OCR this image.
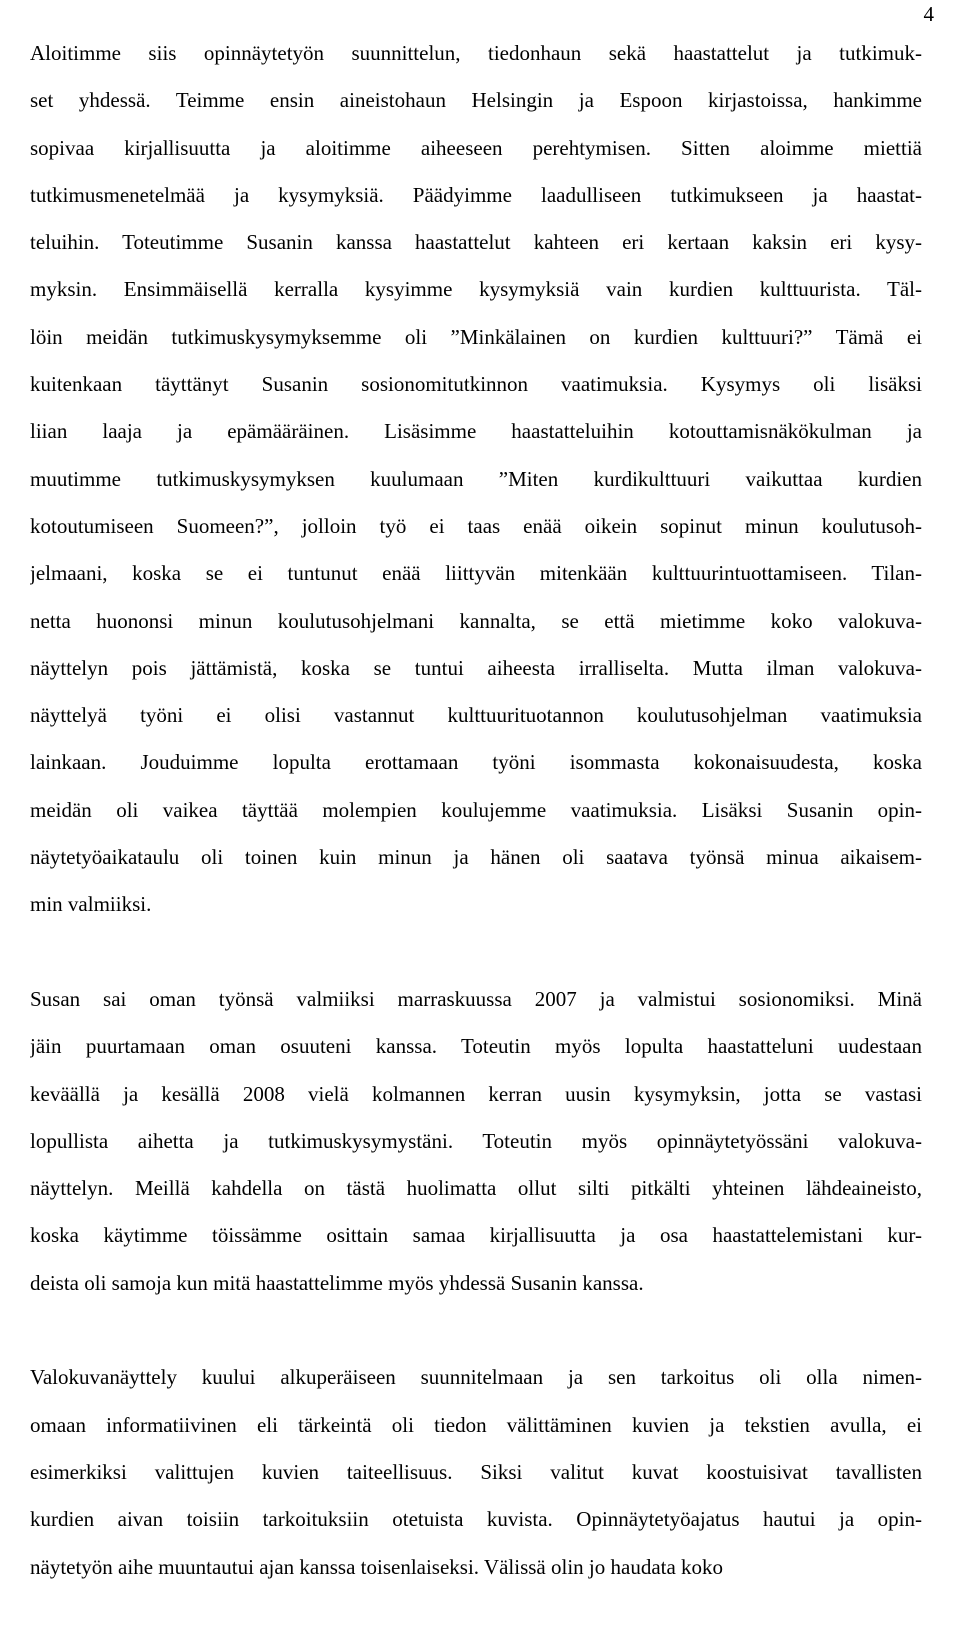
4
Aloitimme siis opinnäytetyön suunnittelun, tiedonhaun sekä haastattelut ja tutkimuk-
set yhdessä. Teimme ensin aineistohaun Helsingin ja Espoon kirjastoissa, hankimme
sopivaa kirjallisuutta ja aloitimme aiheeseen perehtymisen. Sitten aloimme miettiä
tutkimusmenetelmää ja kysymyksiä. Päädyimme laadulliseen tutkimukseen ja haastat-
teluihin. Toteutimme Susanin kanssa haastattelut kahteen eri kertaan kaksin eri kysy-
myksin. Ensimmäisellä kerralla kysyimme kysymyksiä vain kurdien kulttuurista. Täl-
löin meidän tutkimuskysymyksemme oli ”Minkälainen on kurdien kulttuuri?” Tämä ei
kuitenkaan täyttänyt Susanin sosionomitutkinnon vaatimuksia. Kysymys oli lisäksi
liian laaja ja epämääräinen. Lisäsimme haastatteluihin kotouttamisnäkökulman ja
muutimme tutkimuskysymyksen kuulumaan ”Miten kurdikulttuuri vaikuttaa kurdien
kotoutumiseen Suomeen?”, jolloin työ ei taas enää oikein sopinut minun koulutusoh-
jelmaani, koska se ei tuntunut enää liittyvän mitenkään kulttuurintuottamiseen. Tilan-
netta huononsi minun koulutusohjelmani kannalta, se että mietimme koko valokuva-
näyttelyn pois jättämistä, koska se tuntui aiheesta irralliselta. Mutta ilman valokuva-
näyttelyä työni ei olisi vastannut kulttuurituotannon koulutusohjelman vaatimuksia
lainkaan. Jouduimme lopulta erottamaan työni isommasta kokonaisuudesta, koska
meidän oli vaikea täyttää molempien koulujemme vaatimuksia. Lisäksi Susanin opin-
näytetyöaikataulu oli toinen kuin minun ja hänen oli saatava työnsä minua aikaisem-
min valmiiksi.
Susan sai oman työnsä valmiiksi marraskuussa 2007 ja valmistui sosionomiksi. Minä
jäin puurtamaan oman osuuteni kanssa. Toteutin myös lopulta haastatteluni uudestaan
keväällä ja kesällä 2008 vielä kolmannen kerran uusin kysymyksin, jotta se vastasi
lopullista aihetta ja tutkimuskysymystäni. Toteutin myös opinnäytetyössäni valokuva-
näyttelyn. Meillä kahdella on tästä huolimatta ollut silti pitkälti yhteinen lähdeaineisto,
koska käytimme töissämme osittain samaa kirjallisuutta ja osa haastattelemistani kur-
deista oli samoja kun mitä haastattelimme myös yhdessä Susanin kanssa.
Valokuvanäyttely kuului alkuperäiseen suunnitelmaan ja sen tarkoitus oli olla nimen-
omaan informatiivinen eli tärkeintä oli tiedon välittäminen kuvien ja tekstien avulla, ei
esimerkiksi valittujen kuvien taiteellisuus. Siksi valitut kuvat koostuisivat tavallisten
kurdien aivan toisiin tarkoituksiin otetuista kuvista. Opinnäytetyöajatus hautui ja opin-
näytetyön aihe muuntautui ajan kanssa toisenlaiseksi. Välissä olin jo haudata koko
